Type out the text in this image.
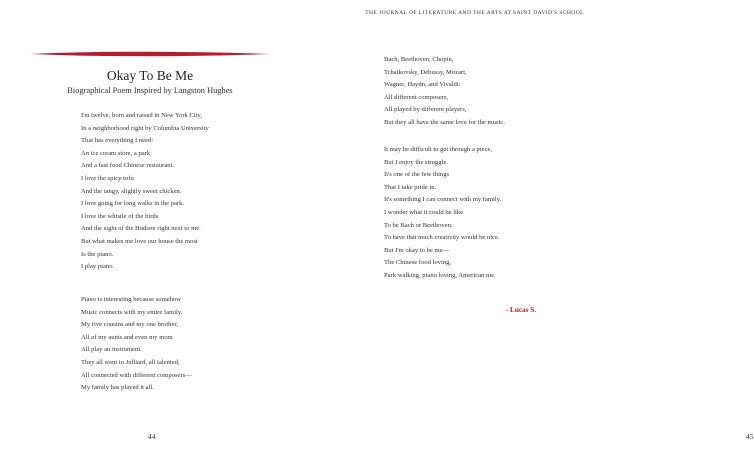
Okay To Be Me

Biographical Poem Inspired by Langston Hughes

I'm twelve, born and raised in New York City,
In a neighborhood right by Columbia University
That has everything I need:
An ice cream store, a park
And a fast food Chinese restaurant.
I love the spicy tofu
And the tangy, slightly sweet chicken.
I love going for long walks in the park.
I love the whistle of the birds
And the sight of the Hudson right next to me.
But what makes me love our house the most
Is the piano.
I play piano.
Piano is interesting because somehow
Music connects with my entire family.
My five cousins and my one brother,
All of my aunts and even my mom
All play an instrument.
They all went to Julliard, all talented,
All connected with different composers—
My family has played it all.
44
THE JOURNAL OF LITERATURE AND THE ARTS AT SAINT DAVID'S SCHOOL
Bach, Beethoven, Chopin,
Tchaikovsky, Debussy, Mozart,
Wagner, Haydn, and Vivaldi:
All different composers,
All played by different players,
But they all have the same love for the music.
It may be difficult to get through a piece,
But I enjoy the struggle.
It's one of the few things
That I take pride in.
It's something I can connect with my family.
I wonder what it could be like
To be Bach or Beethoven.
To have that much creativity would be nice.
But I'm okay to be me—
The Chinese food loving,
Park walking, piano loving, American me.
- Lucas S.
45
